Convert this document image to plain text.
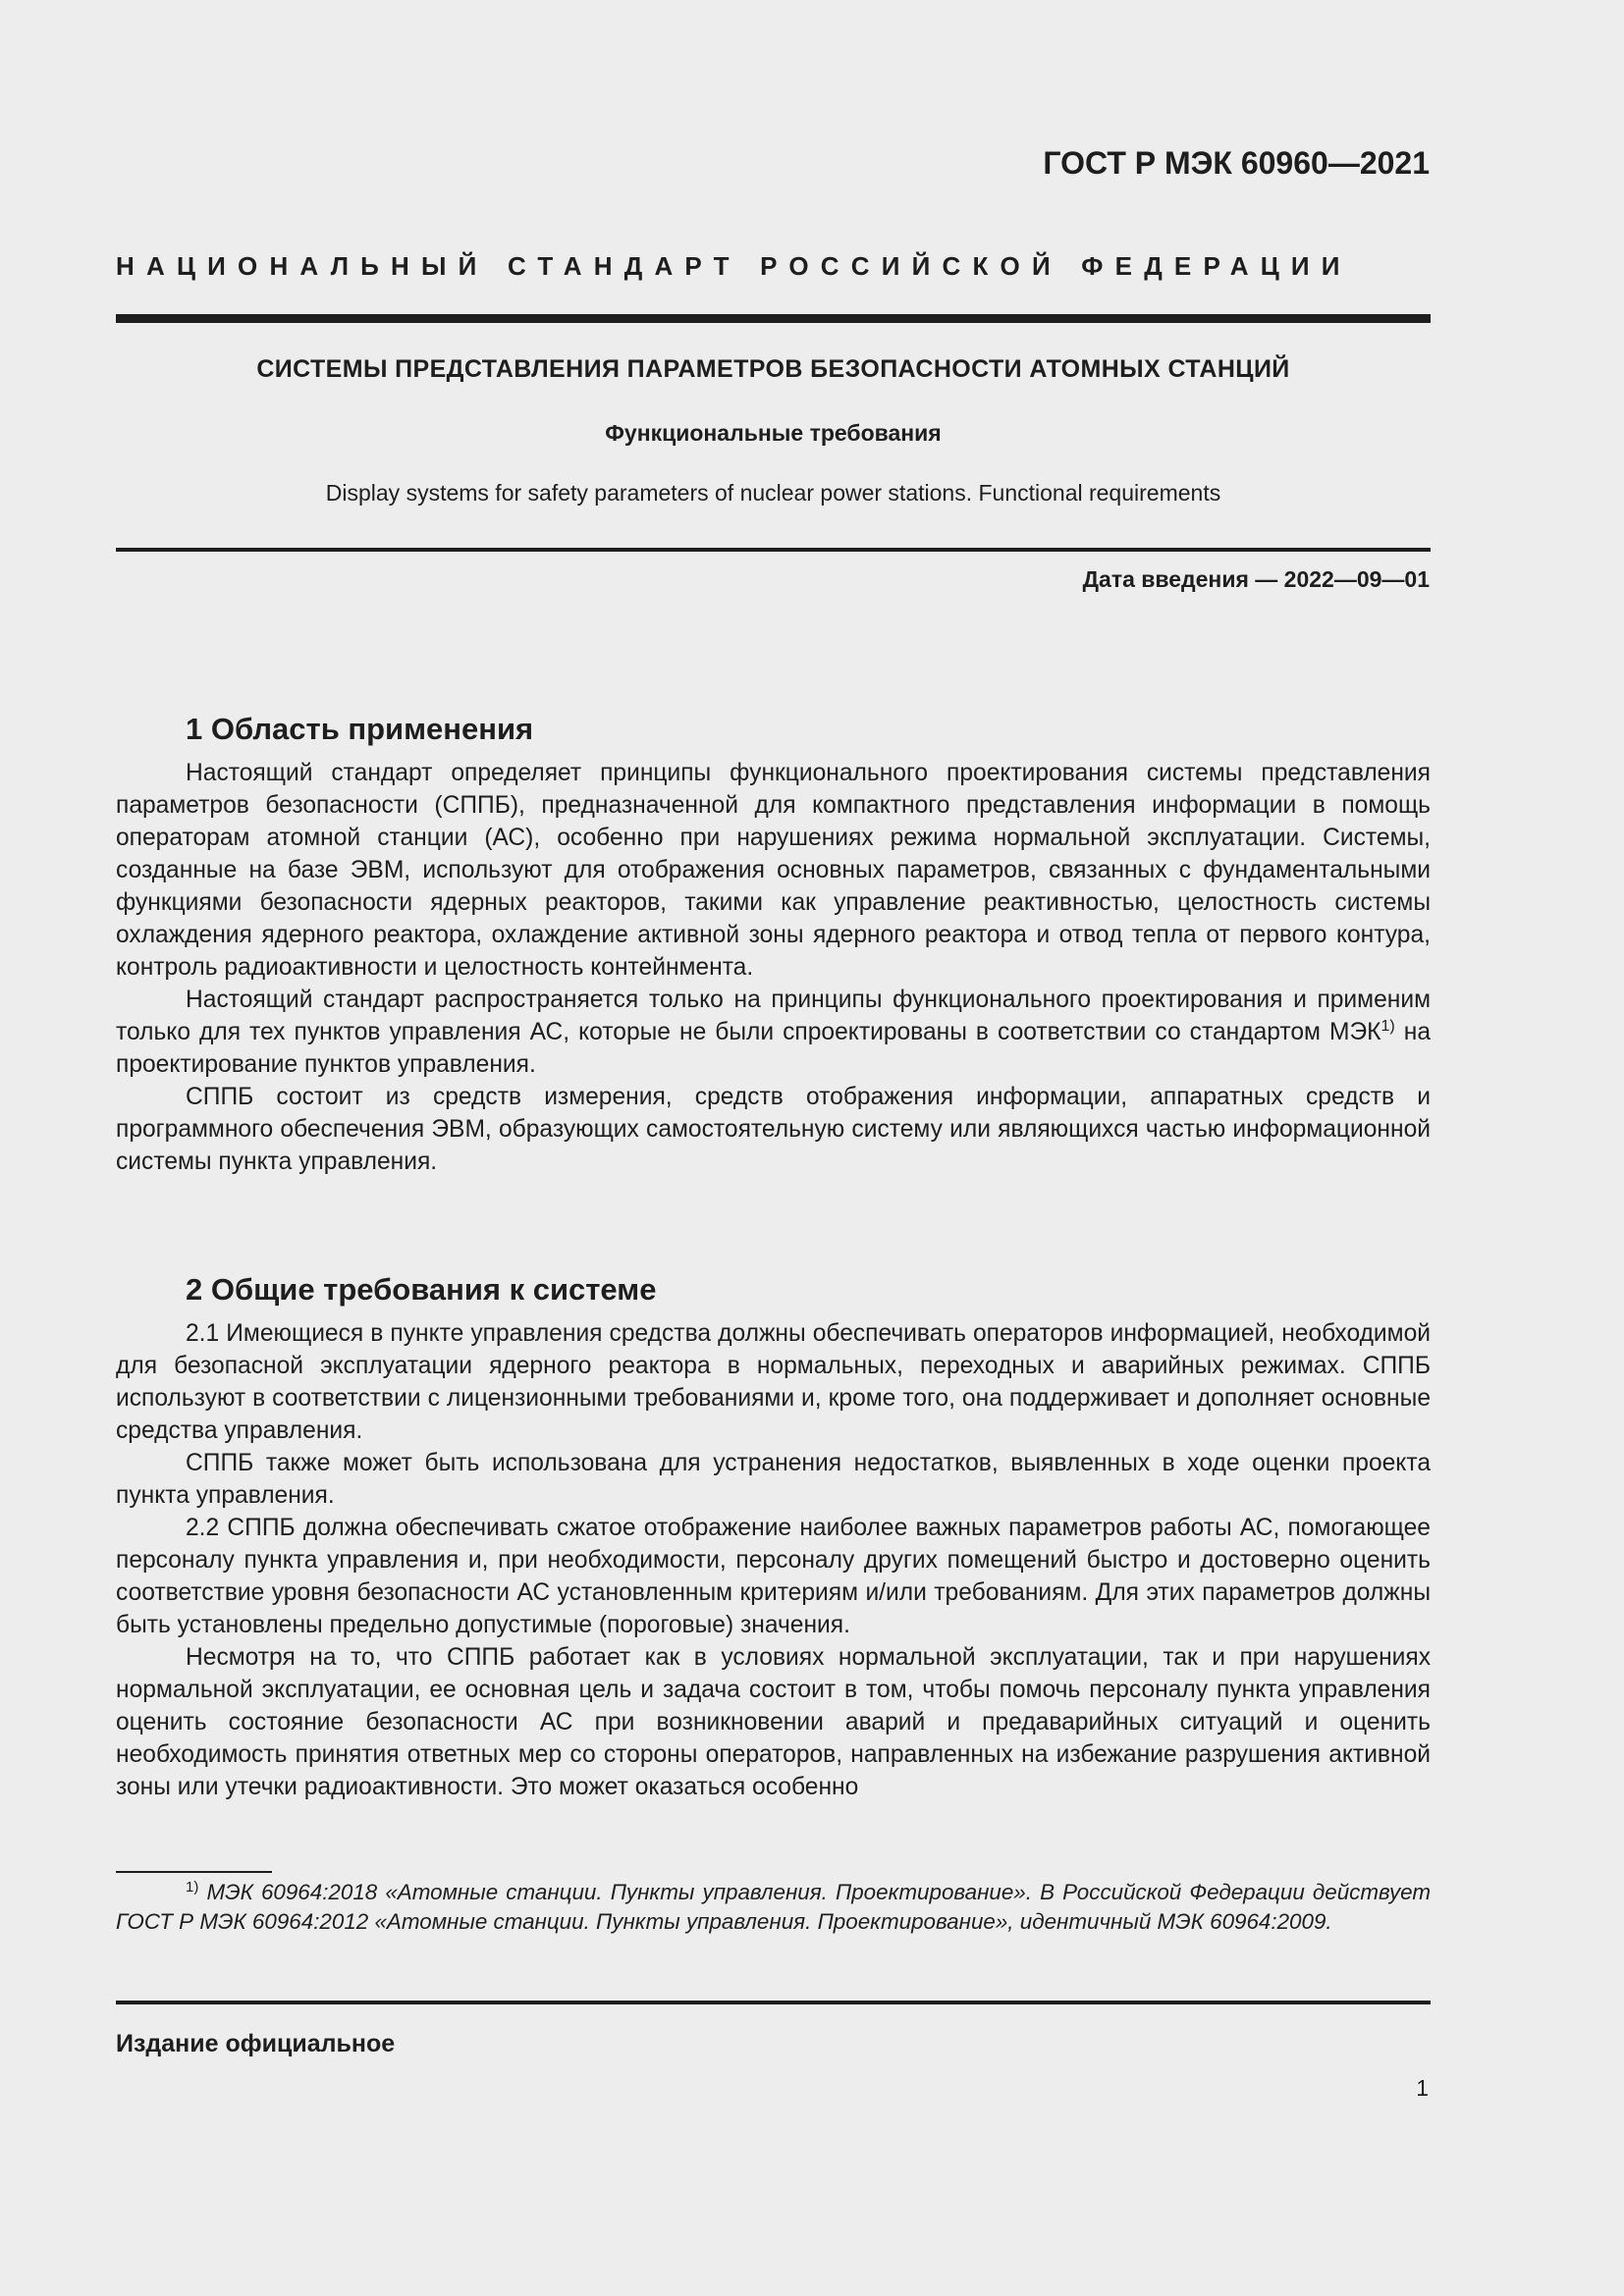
ГОСТ Р МЭК 60960—2021
НАЦИОНАЛЬНЫЙ СТАНДАРТ РОССИЙСКОЙ ФЕДЕРАЦИИ
СИСТЕМЫ ПРЕДСТАВЛЕНИЯ ПАРАМЕТРОВ БЕЗОПАСНОСТИ АТОМНЫХ СТАНЦИЙ
Функциональные требования
Display systems for safety parameters of nuclear power stations. Functional requirements
Дата введения — 2022—09—01
1 Область применения

Настоящий стандарт определяет принципы функционального проектирования системы представления параметров безопасности (СППБ), предназначенной для компактного представления информации в помощь операторам атомной станции (АС), особенно при нарушениях режима нормальной эксплуатации. Системы, созданные на базе ЭВМ, используют для отображения основных параметров, связанных с фундаментальными функциями безопасности ядерных реакторов, такими как управление реактивностью, целостность системы охлаждения ядерного реактора, охлаждение активной зоны ядерного реактора и отвод тепла от первого контура, контроль радиоактивности и целостность контейнмента.

Настоящий стандарт распространяется только на принципы функционального проектирования и применим только для тех пунктов управления АС, которые не были спроектированы в соответствии со стандартом МЭК$^{1)}$ на проектирование пунктов управления.

СППБ состоит из средств измерения, средств отображения информации, аппаратных средств и программного обеспечения ЭВМ, образующих самостоятельную систему или являющихся частью информационной системы пункта управления.

2 Общие требования к системе

2.1 Имеющиеся в пункте управления средства должны обеспечивать операторов информацией, необходимой для безопасной эксплуатации ядерного реактора в нормальных, переходных и аварийных режимах. СППБ используют в соответствии с лицензионными требованиями и, кроме того, она поддерживает и дополняет основные средства управления.

СППБ также может быть использована для устранения недостатков, выявленных в ходе оценки проекта пункта управления.

2.2 СППБ должна обеспечивать сжатое отображение наиболее важных параметров работы АС, помогающее персоналу пункта управления и, при необходимости, персоналу других помещений быстро и достоверно оценить соответствие уровня безопасности АС установленным критериям и/или требованиям. Для этих параметров должны быть установлены предельно допустимые (пороговые) значения.

Несмотря на то, что СППБ работает как в условиях нормальной эксплуатации, так и при нарушениях нормальной эксплуатации, ее основная цель и задача состоит в том, чтобы помочь персоналу пункта управления оценить состояние безопасности АС при возникновении аварий и предаварийных ситуаций и оценить необходимость принятия ответных мер со стороны операторов, направленных на избежание разрушения активной зоны или утечки радиоактивности. Это может оказаться особенно

$^{1)}$ МЭК 60964:2018 «Атомные станции. Пункты управления. Проектирование». В Российской Федерации действует ГОСТ Р МЭК 60964:2012 «Атомные станции. Пункты управления. Проектирование», идентичный МЭК 60964:2009.

Издание официальное
1
